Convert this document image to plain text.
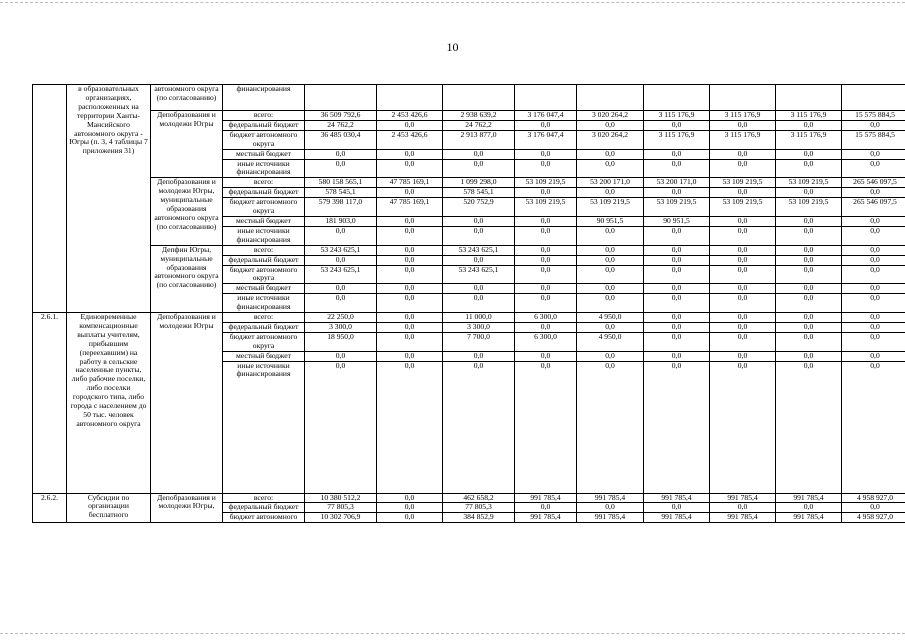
10
	в образовательных организациях, расположенных на территории Ханты-Мансийского автономного округа - Югры (п. 3, 4 таблицы 7 приложения 31)	автономного округа (по согласованию)	финансирования									
		Депобразования и молодежи Югры	всего:	36 509 792,6	2 453 426,6	2 938 639,2	3 176 047,4	3 020 264,2	3 115 176,9	3 115 176,9	3 115 176,9	15 575 884,5
			федеральный бюджет	24 762,2	0,0	24 762,2	0,0	0,0	0,0	0,0	0,0	0,0
			бюджет автономного округа	36 485 030,4	2 453 426,6	2 913 877,0	3 176 047,4	3 020 264,2	3 115 176,9	3 115 176,9	3 115 176,9	15 575 884,5
			местный бюджет	0,0	0,0	0,0	0,0	0,0	0,0	0,0	0,0	0,0
			иные источники финансирования	0,0	0,0	0,0	0,0	0,0	0,0	0,0	0,0	0,0
		Депобразования и молодежи Югры, муниципальные образования автономного округа (по согласованию)	всего:	580 158 565,1	47 785 169,1	1 099 298,0	53 109 219,5	53 200 171,0	53 200 171,0	53 109 219,5	53 109 219,5	265 546 097,5
			федеральный бюджет	578 545,1	0,0	578 545,1	0,0	0,0	0,0	0,0	0,0	0,0
			бюджет автономного округа	579 398 117,0	47 785 169,1	520 752,9	53 109 219,5	53 109 219,5	53 109 219,5	53 109 219,5	53 109 219,5	265 546 097,5
			местный бюджет	181 903,0	0,0	0,0	0,0	90 951,5	90 951,5	0,0	0,0	0,0
			иные источники финансирования	0,0	0,0	0,0	0,0	0,0	0,0	0,0	0,0	0,0
		Депфин Югры, муниципальные образования автономного округа (по согласованию)	всего:	53 243 625,1	0,0	53 243 625,1	0,0	0,0	0,0	0,0	0,0	0,0
			федеральный бюджет	0,0	0,0	0,0	0,0	0,0	0,0	0,0	0,0	0,0
			бюджет автономного округа	53 243 625,1	0,0	53 243 625,1	0,0	0,0	0,0	0,0	0,0	0,0
			местный бюджет	0,0	0,0	0,0	0,0	0,0	0,0	0,0	0,0	0,0
			иные источники финансирования	0,0	0,0	0,0	0,0	0,0	0,0	0,0	0,0	0,0
2.6.1.	Единовременные компенсационные выплаты учителям, прибывшим (переехавшим) на работу в сельские населенные пункты, либо рабочие поселки, либо поселки городского типа, либо города с населением до 50 тыс. человек автономного округа	Депобразования и молодежи Югры	всего:	22 250,0	0,0	11 000,0	6 300,0	4 950,0	0,0	0,0	0,0	0,0
			федеральный бюджет	3 300,0	0,0	3 300,0	0,0	0,0	0,0	0,0	0,0	0,0
			бюджет автономного округа	18 950,0	0,0	7 700,0	6 300,0	4 950,0	0,0	0,0	0,0	0,0
			местный бюджет	0,0	0,0	0,0	0,0	0,0	0,0	0,0	0,0	0,0
			иные источники финансирования	0,0	0,0	0,0	0,0	0,0	0,0	0,0	0,0	0,0
2.6.2.	Субсидии по организации бесплатного	Депобразования и молодежи Югры,	всего:	10 380 512,2	0,0	462 658,2	991 785,4	991 785,4	991 785,4	991 785,4	991 785,4	4 958 927,0
			федеральный бюджет	77 805,3	0,0	77 805,3	0,0	0,0	0,0	0,0	0,0	0,0
			бюджет автономного	10 302 706,9	0,0	384 852,9	991 785,4	991 785,4	991 785,4	991 785,4	991 785,4	4 958 927,0
